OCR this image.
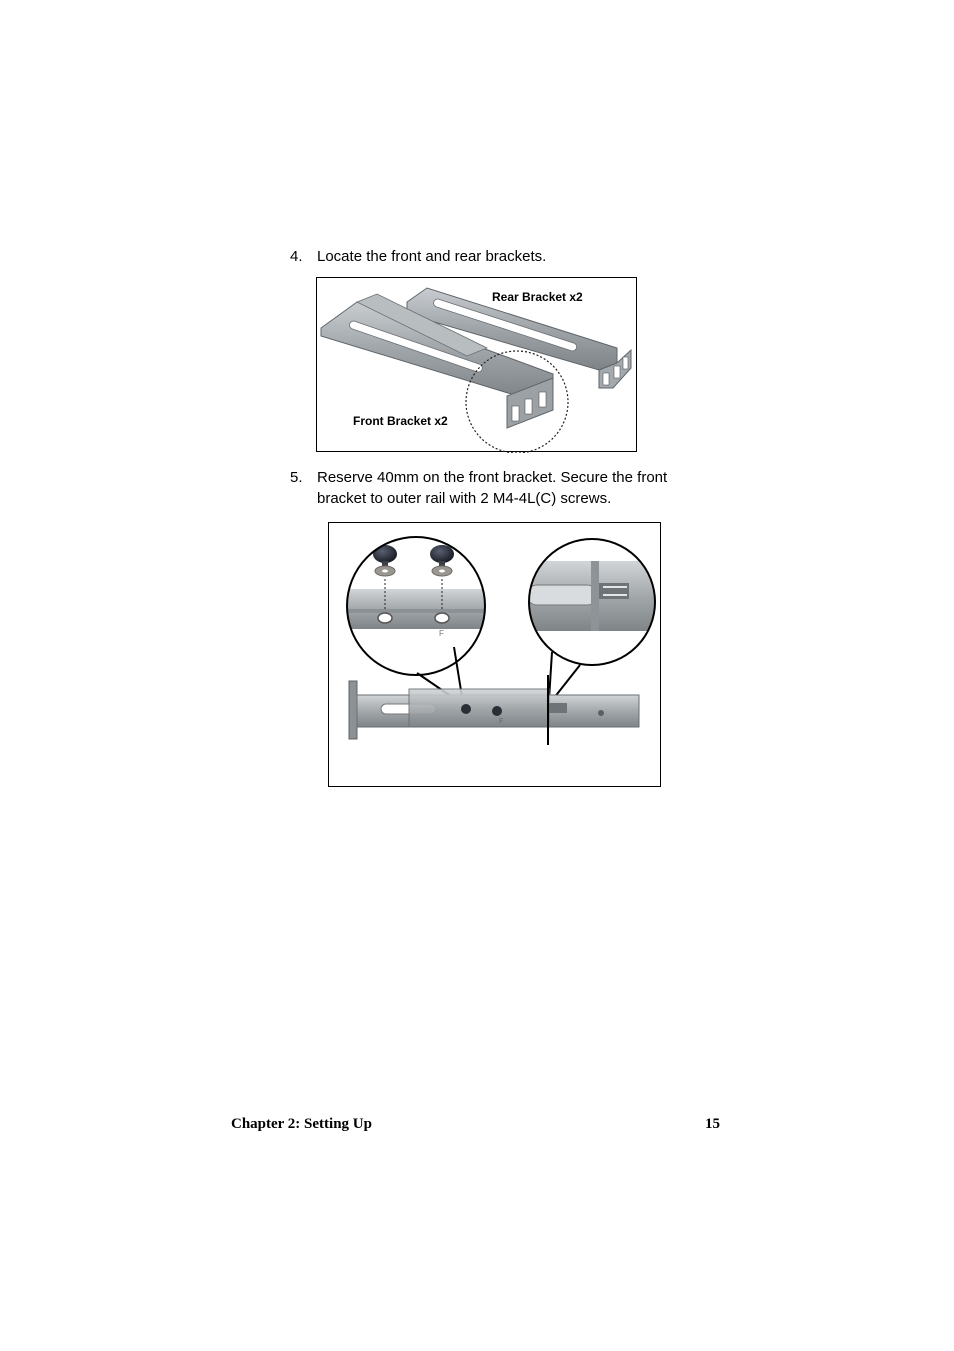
4. Locate the front and rear brackets.
Rear Bracket x2
Front Bracket x2
5. Reserve 40mm on the front bracket. Secure the front
bracket to outer rail with 2 M4-4L(C) screws.
F
F
Chapter 2: Setting Up	15
